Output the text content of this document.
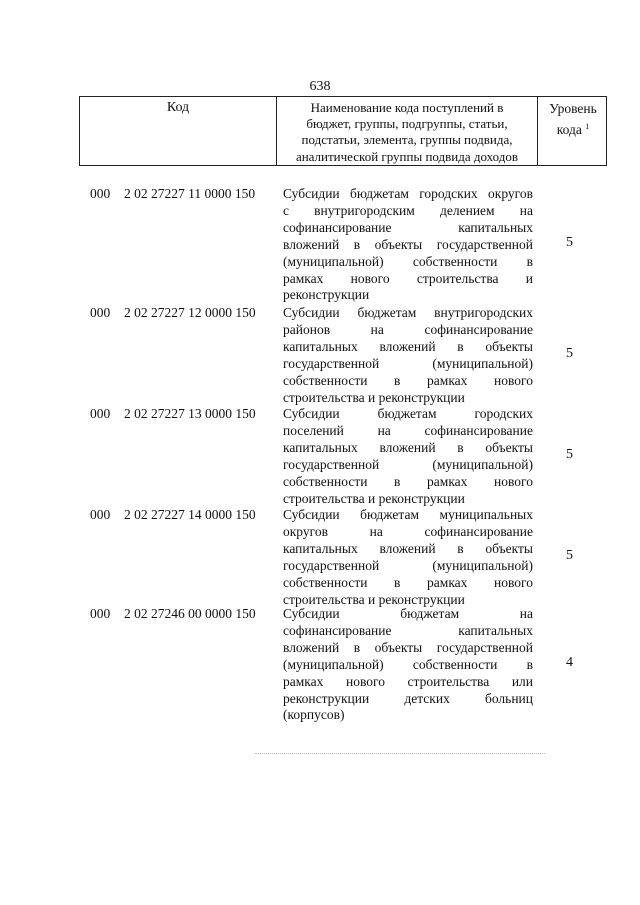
638
Код	Наименование кода поступлений в
бюджет, группы, подгруппы, статьи,
подстатьи, элемента, группы подвида,
аналитической группы подвида доходов
Уровень
кода $^1$
000 2 02 27227 11 0000 150 Субсидии бюджетам городских округов
с внутригородским делением на
софинансирование капитальных
вложений в объекты государственной
(муниципальной) собственности в
рамках нового строительства и
реконструкции
5
000 2 02 27227 12 0000 150 Субсидии бюджетам внутригородских
районов на софинансирование
капитальных вложений в объекты
государственной (муниципальной)
собственности в рамках нового
строительства и реконструкции
5
000 2 02 27227 13 0000 150 Субсидии бюджетам городских
поселений на софинансирование
капитальных вложений в объекты
государственной (муниципальной)
собственности в рамках нового
строительства и реконструкции
5
000 2 02 27227 14 0000 150 Субсидии бюджетам муниципальных
округов на софинансирование
капитальных вложений в объекты
государственной (муниципальной)
собственности в рамках нового
строительства и реконструкции
5
000 2 02 27246 00 0000 150 Субсидии бюджетам на
софинансирование капитальных
вложений в объекты государственной
(муниципальной) собственности в
рамках нового строительства или
реконструкции детских больниц
(корпусов)
4
